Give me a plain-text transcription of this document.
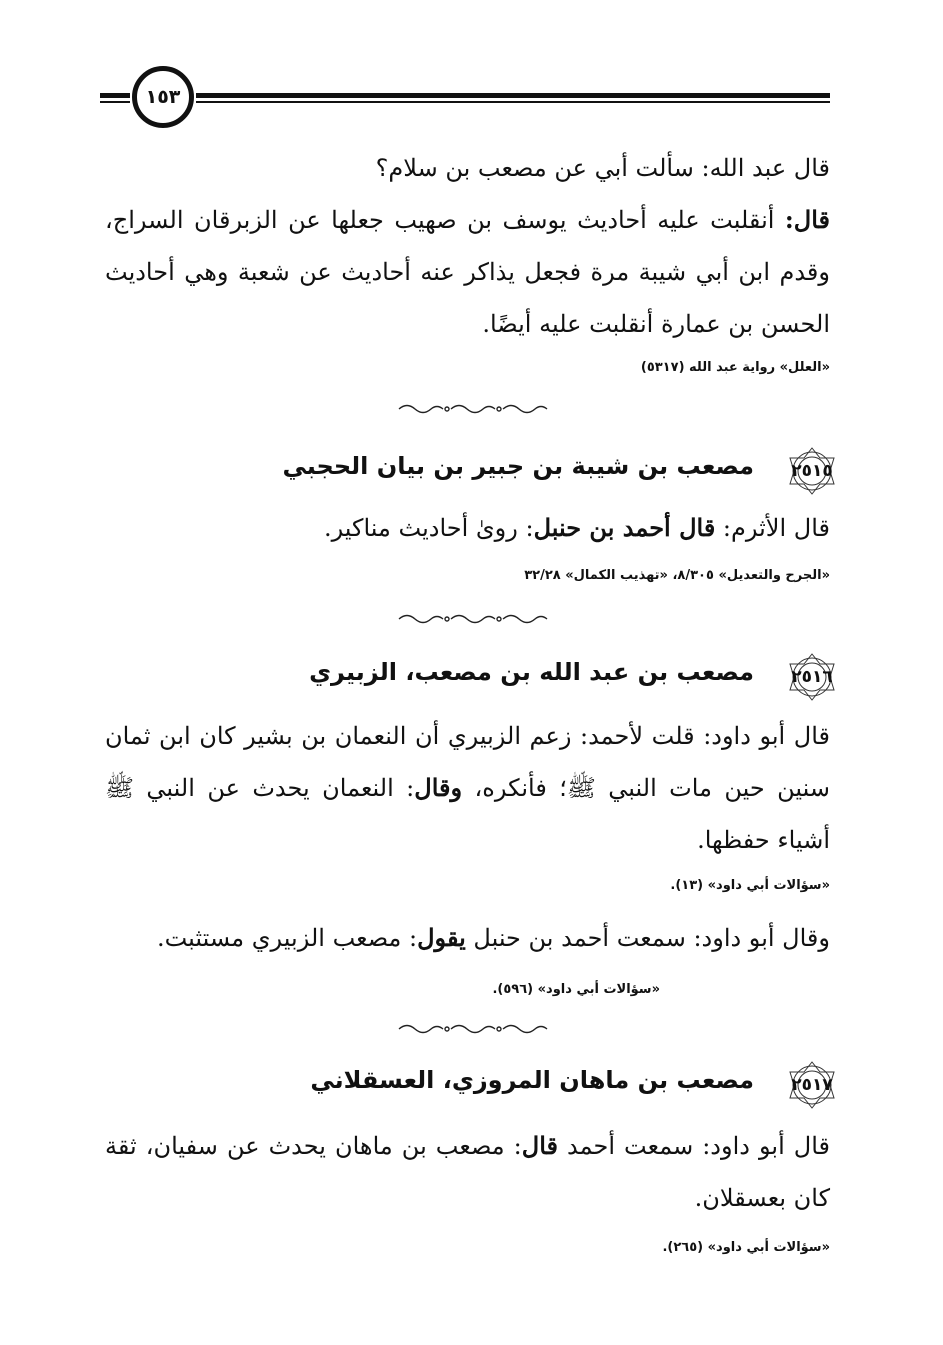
١٥٣
قال عبد الله: سألت أبي عن مصعب بن سلام؟
قال: أنقلبت عليه أحاديث يوسف بن صهيب جعلها عن الزبرقان السراج، وقدم ابن أبي شيبة مرة فجعل يذاكر عنه أحاديث عن شعبة وهي أحاديث الحسن بن عمارة أنقلبت عليه أيضًا.
«العلل» رواية عبد الله (٥٣١٧)
٢٥١٥
مصعب بن شيبة بن جبير بن بيان الحجبي
قال الأثرم: قال أحمد بن حنبل: روىٰ أحاديث مناكير.
«الجرح والتعديل» ٨/٣٠٥، «تهذيب الكمال» ٣٢/٢٨
٢٥١٦
مصعب بن عبد الله بن مصعب، الزبيري
قال أبو داود: قلت لأحمد: زعم الزبيري أن النعمان بن بشير كان ابن ثمان سنين حين مات النبي ﷺ؛ فأنكره، وقال: النعمان يحدث عن النبي ﷺ أشياء حفظها.
«سؤالات أبي داود» (١٣).
وقال أبو داود: سمعت أحمد بن حنبل يقول: مصعب الزبيري مستثبت.
«سؤالات أبي داود» (٥٩٦).
٢٥١٧
مصعب بن ماهان المروزي، العسقلاني
قال أبو داود: سمعت أحمد قال: مصعب بن ماهان يحدث عن سفيان، ثقة كان بعسقلان.
«سؤالات أبي داود» (٢٦٥).
